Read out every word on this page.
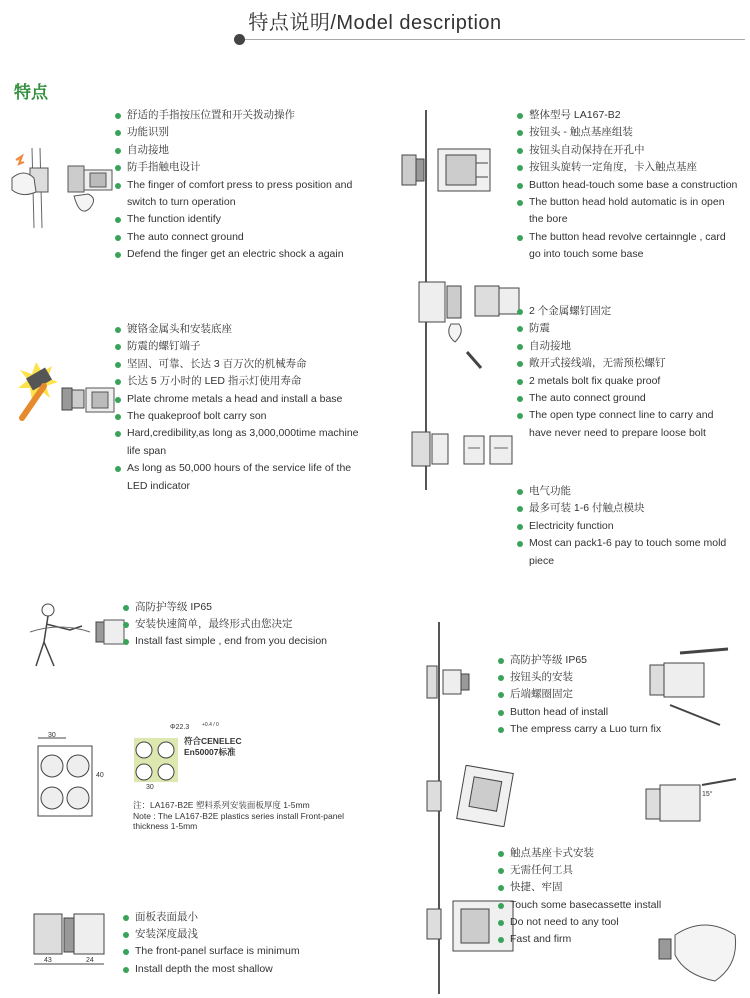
特点说明/Model description
特点
舒适的手指按压位置和开关拨动操作
功能识别
自动接地
防手指触电设计
The finger of comfort press to press position and switch to turn operation
The function identify
The auto connect ground
Defend the finger get an electric shock a again
镀铬金属头和安装底座
防震的螺钉端子
坚固、可靠、长达 3 百万次的机械寿命
长达 5 万小时的 LED 指示灯使用寿命
Plate chrome metals a head and install a base
The quakeproof bolt carry son
Hard,credibility,as long as 3,000,000time machine life span
As long as 50,000 hours of the service life of the LED indicator
整体型号 LA167-B2
按钮头 - 触点基座组装
按钮头自动保持在开孔中
按钮头旋转一定角度，卡入触点基座
Button head-touch some base a construction
The button head hold automatic is in open the bore
The button head revolve certainngle , card go into touch some base
2 个金属螺钉固定
防震
自动接地
敞开式接线端，无需预松螺钉
2 metals bolt fix quake proof
The auto connect ground
The open type connect line to carry and have never need to prepare loose bolt
电气功能
最多可装 1-6 付触点模块
Electricity function
Most can pack1-6 pay to touch some mold piece
高防护等级 IP65
安装快速简单，最终形式由您决定
Install fast simple , end from you decision
高防护等级 IP65
按钮头的安装
后端螺圈固定
Button head of install
The empress carry a Luo turn fix
触点基座卡式安装
无需任何工具
快捷、牢固
Touch some basecassette install
Do not need to any tool
Fast and firm
15°
30
40
Φ22.3	+0.4 / 0
符合CENELEC
En50007标准
30
注：LA167-B2E 塑料系列安装面板厚度 1-5mm
Note : The LA167-B2E plastics series install Front-panel thickness 1-5mm
43	24
面板表面最小
安装深度最浅
The front-panel surface is minimum
Install depth the most shallow
